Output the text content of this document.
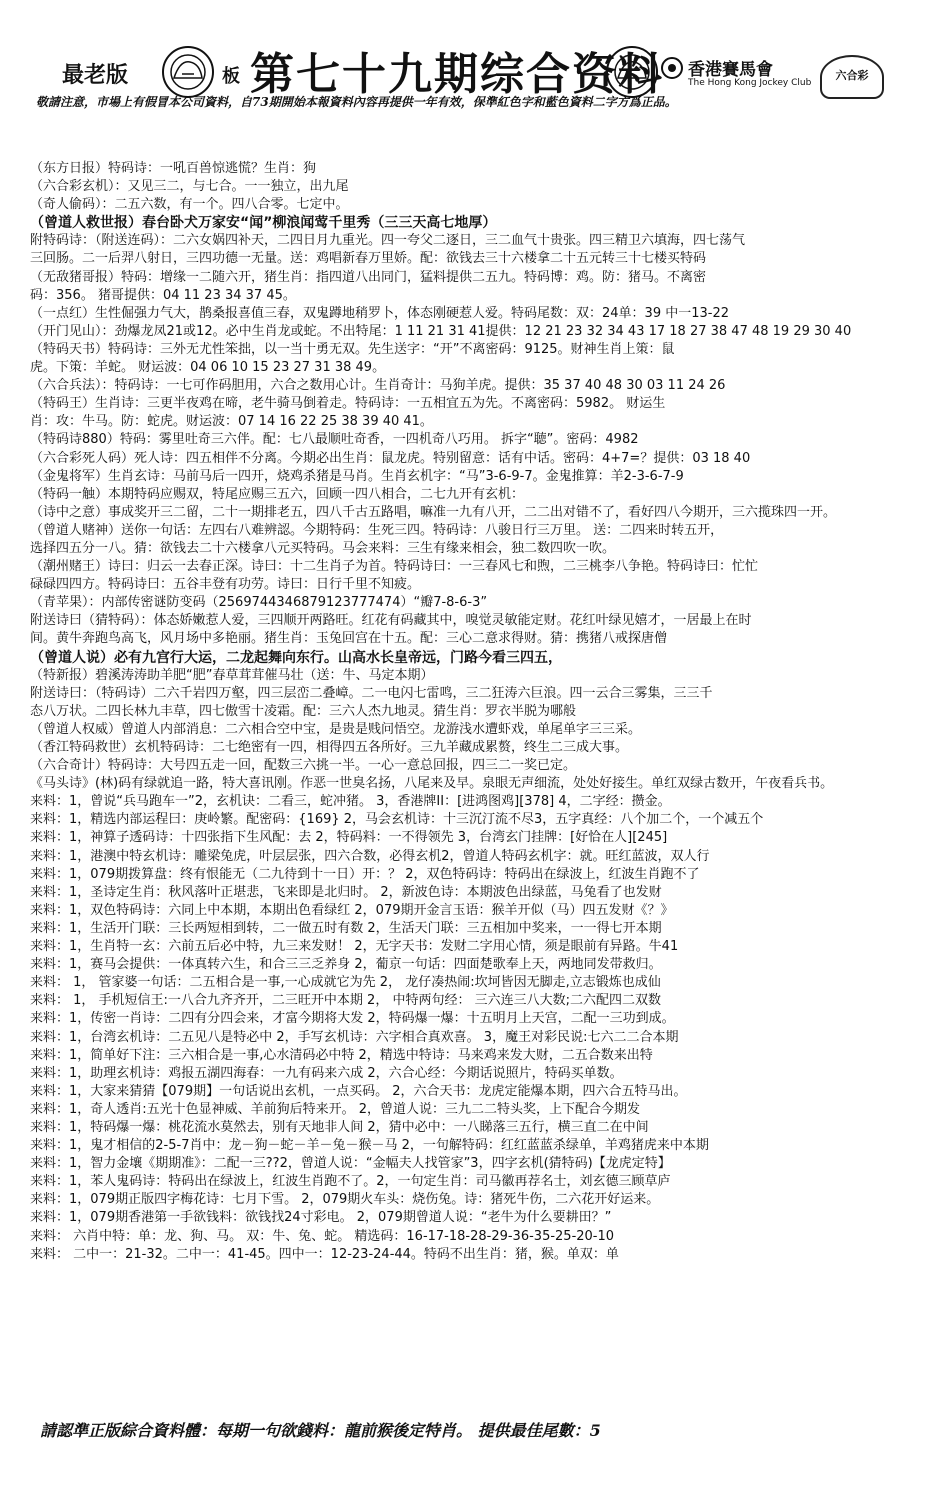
最老版	板 第七十九期综合资料 香港賽馬會
The Hong Kong Jockey Club
六合彩
敬請注意，市場上有假冒本公司資料，自73期開始本報資料內容再提供一年有效，保準紅色字和藍色資料二字方爲正品。
（东方日报）特码诗：一吼百兽惊逃慌？生肖：狗
（六合彩玄机）：又见三二，与七合。一一独立，出九尾
（奇人偷码）：二五六数，有一个。四八合零。七定中。
（曾道人救世报）春台卧犬万家安“闻”柳浪闻莺千里秀（三三天高七地厚）
附特码诗：（附送连码）：二六女娲四补天，二四日月九重光。四一夸父二逐日，三二血气十贵张。四三精卫六填海，四七荡气
三回肠。二一后羿八射日，三四功德一无量。送：鸡唱新春万里娇。配：欲钱去三十六楼拿二十五元转三十七楼买特码
（无敌猪哥报）特码：增缘一二随六开，猪生肖：指四道八出同门，猛料提供二五九。特码博：鸡。防：猪马。不离密
码：356。 猪哥提供：04 11 23 34 37 45。
（一点红）生性倔强力气大，鹊桑报喜值三春，双鬼蹲地稍罗卜，体态刚硬惹人爱。特码尾数：双：24单：39 中一13-22
（开门见山）：劲爆龙凤21或12。必中生肖龙或蛇。不出特尾：1 11 21 31 41提供：12 21 23 32 34 43 17 18 27 38 47 48 19 29 30 40
（特码天书）特码诗：三外无尤性笨拙，以一当十勇无双。先生送字：“开”不离密码：9125。财神生肖上策：鼠
虎。下策：羊蛇。 财运波：04 06 10 15 23 27 31 38 49。
（六合兵法）：特码诗：一七可作码胆用，六合之数用心计。生肖奇计：马狗羊虎。提供：35 37 40 48 30 03 11 24 26
（特码王）生肖诗：三更半夜鸡在啼，老牛骑马倒着走。特码诗：一五相宜五为先。不离密码：5982。 财运生
肖：攻：牛马。防：蛇虎。财运波：07 14 16 22 25 38 39 40 41。
（特码诗880）特码：雾里吐奇三六伴。配：七八最顺吐奇香，一四机奇八巧用。 拆字“聴”。密码：4982
（六合彩死人码）死人诗：四五相伴不分离。今期必出生肖：鼠龙虎。特别留意：话有中话。密码：4+7=？提供：03 18 40
（金鬼将军）生肖玄诗：马前马后一四开，烧鸡杀猪是马肖。生肖玄机字：“马”3-6-9-7。金鬼推算：羊2-3-6-7-9
（特码一触）本期特码应赐双，特尾应赐三五六，回顾一四八相合，二七九开有玄机：
（诗中之意）事成奖开三二留，二十一期排老五，四八千古五路唱，嘛准一九有八开，二二出对错不了，看好四八今期开，三六揽珠四一开。
（曾道人赌神）送你一句话：左四右八难辨認。今期特码：生死三四。特码诗：八骏日行三万里。 送：二四来时转五开，
选择四五分一八。猜：欲钱去二十六楼拿八元买特码。马会来料：三生有缘来相会，独二数四吹一吹。
（潮州赌王）诗曰：归云一去春正深。诗曰：十二生肖子为首。特码诗曰：一三春风七和煦，二三桃李八争艳。特码诗曰：忙忙
碌碌四四方。特码诗曰：五谷丰登有功劳。诗曰：日行千里不知疲。
（青苹果）：内部传密谜防变码（2569744346879123777474）“瓣7-8-6-3”
附送诗曰（猜特码）：体态娇嫩惹人爱，三四顺开两路旺。红花有码藏其中，嗅觉灵敏能定财。花红叶绿见嬉才，一居最上在时
间。黄牛奔跑鸟高飞，风月场中多艳丽。猪生肖：玉兔回宫在十五。配：三心二意求得财。猜：携猪八戒探唐僧
（曾道人说）必有九宫行大运，二龙起舞向东行。山高水长皇帝远，门路今看三四五，
（特新报）碧溪涛涛助羊肥“肥”春草茸茸催马壮（送：牛、马定本期）
附送诗曰：（特码诗）二六千岩四万壑，四三层峦二叠嶂。二一电闪七雷鸣，三二狂涛六巨浪。四一云合三雾集，三三千
态八万状。二四长林九丰草，四七傲雪十凌霜。配：三六人杰九地灵。猜生肖：罗衣半脱为哪般
（曾道人权威）曾道人内部消息：二六相合空中宝，是贵是贱问悟空。龙游浅水遭虾戏，单尾单字三三采。
（香江特码救世）玄机特码诗：二七绝密有一四，相得四五各所好。三九羊藏成累赘，终生二三成大事。
（六合奇计）特码诗：大号四五走一回，配数三六挑一半。一心一意总回报，四三二一奖已定。
《马头诗》(林)码有绿就追一路，特大喜讯刚。作恶一世臭名扬，八尾来及早。泉眼无声细流，处处好接生。单红双绿古数开，午夜看兵书。
来料：1，曾说“兵马跑车一”2，玄机诀：二看三，蛇冲猪。 3，香港牌II：[进鸿图鸡][378] 4，二字经：攒金。
来料：1，精选内部运程曰：庚岭繁。配密码：{169} 2，马会玄机诗：十三沉汀流不尽3，五字真经：八个加二个，一个减五个
来料：1，神算子透码诗：十四张指下生风配：去 2，特码料：一不得领先 3，台湾玄门挂牌：[好恰在人][245]
来料：1，港澳中特玄机诗：雕梁兔虎，叶层层张，四六合数，必得玄机2，曾道人特码玄机字：就。旺红蓝波，双人行
来料：1，079期拨算盘：终有恨能无（二九待到十一日）开：？ 2，双色特码诗：特码出在绿波上，红波生肖跑不了
来料：1，圣诗定生肖：秋风落叶正堪悲，飞来即是北归时。 2，新波色诗：本期波色出绿蓝，马兔看了也发财
来料：1，双色特码诗：六同上中本期，本期出色看绿红 2，079期开金言玉语：猴羊开似（马）四五发财《？》
来料：1，生活开门联：三长两短相到转，二一做五时有数 2，生活天门联：三五相加中奖来，一一得七开本期
来料：1，生肖特一玄：六前五后必中特，九三来发财！ 2，无字天书：发财二字用心情，须是眼前有异路。牛41
来料：1，赛马会提供：一体真转六生，和合三三乏养身 2，葡京一句话：四面楚歌奉上天，两地同发带救归。
来料： 1， 管家婆一句话：二五相合是一事,一心成就它为先 2， 龙仔凑热闹:坎坷皆因无脚走,立志锻炼也成仙
来料： 1， 手机短信王:一八合九齐齐开，二三旺开中本期 2， 中特两句经： 三六连三八大数;二六配四二双数
来料：1，传密一肖诗：二四有分四会来，才富今期将大发 2，特码爆一爆：十五明月上天宫，二配一三功到成。
来料：1，台湾玄机诗：二五见八是特必中 2，手写玄机诗：六字相合真欢喜。 3，魔王对彩民说:七六二二合本期
来料：1，简单好下注：三六相合是一事,心水清码必中特 2，精选中特诗：马来鸡来发大财，二五合数来出特
来料：1，助理玄机诗：鸡报五湖四海春：一九有码来六成 2，六合心经：今期话说照片，特码买单数。
来料：1，大家来猜猜【079期】一句话说出玄机，一点买码。 2，六合天书：龙虎定能爆本期，四六合五特马出。
来料：1，奇人透肖:五光十色显神威、羊前狗后特来开。 2，曾道人说：三九二二特头奖，上下配合今期发
来料：1，特码爆一爆：桃花流水莫然去，别有天地非人间 2，猜中必中：一八睇落三五行，横三直二在中间
来料：1，鬼才相信的2-5-7肖中：龙－狗－蛇－羊－兔－猴－马 2，一句解特码：红红蓝蓝杀绿单，羊鸡猪虎来中本期
来料：1，智力金壤《期期准》：二配一三??2，曾道人说：“金幅夫人找管家”3，四字玄机(猜特码)【龙虎定特】
来料：1，苯人鬼码诗：特码出在绿波上，红波生肖跑不了。2，一句定生肖：司马徽再荐名士，刘玄德三顾草庐
来料：1，079期正版四字梅花诗：七月下雪。 2，079期火车头：烧伤兔。诗：猪死牛伤，二六花开好运来。
来料：1，079期香港第一手欲钱料：欲钱找24寸彩电。 2，079期曾道人说：“老牛为什么要耕田？”
来料： 六肖中特：单：龙、狗、马。 双：牛、兔、蛇。 精选码：16-17-18-28-29-36-35-25-20-10
来料： 二中一：21-32。二中一：41-45。四中一：12-23-24-44。特码不出生肖：猪，猴。单双：单
請認準正版綜合資料體：每期一句欲錢料：龍前猴後定特肖。 提供最佳尾數：5
